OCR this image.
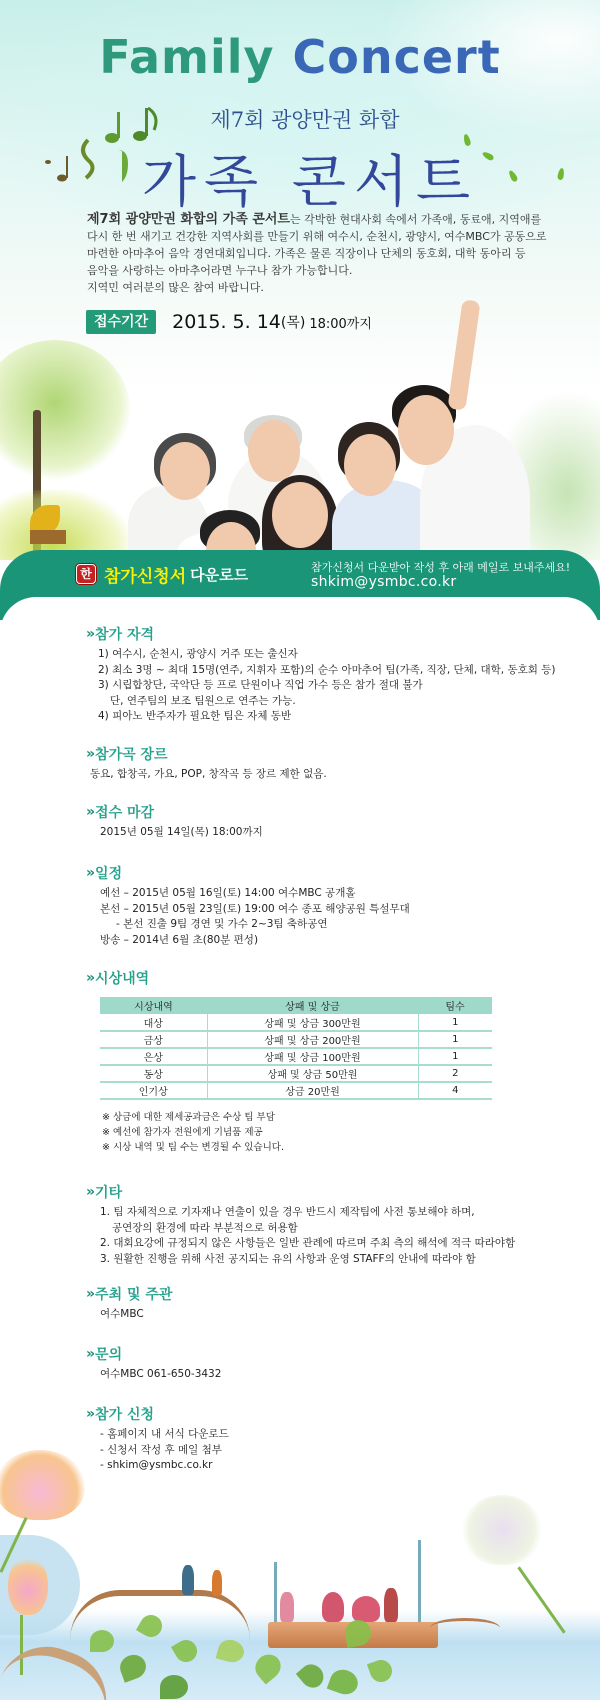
Family Concert
제7회 광양만권 화합
가족 콘서트
제7회 광양만권 화합의 가족 콘서트는 각박한 현대사회 속에서 가족애, 동료애, 지역애를
다시 한 번 새기고 건강한 지역사회를 만들기 위해 여수시, 순천시, 광양시, 여수MBC가 공동으로
마련한 아마추어 음악 경연대회입니다. 가족은 물론 직장이나 단체의 동호회, 대학 동아리 등
음악을 사랑하는 아마추어라면 누구나 참가 가능합니다.
지역민 여러분의 많은 참여 바랍니다.
접수기간	2015. 5. 14 (목) 18:00까지
한 참가신청서 다운로드	참가신청서 다운받아 작성 후 아래 메일로 보내주세요!
shkim@ysmbc.co.kr
» 참가 자격
1) 여수시, 순천시, 광양시 거주 또는 출신자
2) 최소 3명 ~ 최대 15명(연주, 지휘자 포함)의 순수 아마추어 팀(가족, 직장, 단체, 대학, 동호회 등)
3) 시립합창단, 국악단 등 프로 단원이나 직업 가수 등은 참가 절대 불가
단, 연주팀의 보조 팀원으로 연주는 가능.
4) 피아노 반주자가 필요한 팀은 자체 동반
» 참가곡 장르
동요, 합창곡, 가요, POP, 창작곡 등 장르 제한 없음.
» 접수 마감
2015년 05월 14일(목) 18:00까지
» 일정
예선 – 2015년 05월 16일(토) 14:00 여수MBC 공개홀
본선 – 2015년 05월 23일(토) 19:00 여수 종포 해양공원 특설무대
- 본선 진출 9팀 경연 및 가수 2~3팀 축하공연
방송 – 2014년 6월 초(80분 편성)
» 시상내역
시상내역	상패 및 상금	팀수
대상	상패 및 상금 300만원	1
금상	상패 및 상금 200만원	1
은상	상패 및 상금 100만원	1
동상	상패 및 상금 50만원	2
인기상	상금 20만원	4
※ 상금에 대한 제세공과금은 수상 팀 부담
※ 예선에 참가자 전원에게 기념품 제공
※ 시상 내역 및 팀 수는 변경될 수 있습니다.
» 기타
1. 팀 자체적으로 기자재나 연출이 있을 경우 반드시 제작팀에 사전 통보해야 하며,
공연장의 환경에 따라 부분적으로 허용함
2. 대회요강에 규정되지 않은 사항들은 일반 관례에 따르며 주최 측의 해석에 적극 따라야함
3. 원활한 진행을 위해 사전 공지되는 유의 사항과 운영 STAFF의 안내에 따라야 함
» 주최 및 주관
여수MBC
» 문의
여수MBC 061-650-3432
» 참가 신청
- 홈페이지 내 서식 다운로드
- 신청서 작성 후 메일 첨부
- shkim@ysmbc.co.kr
